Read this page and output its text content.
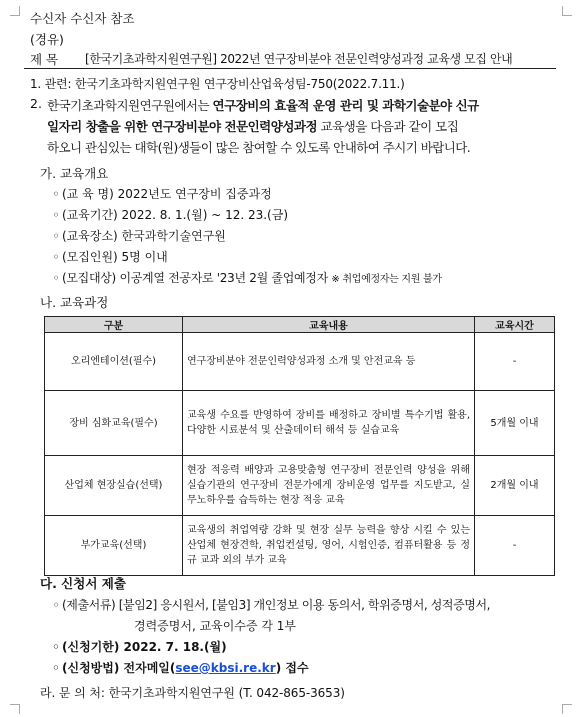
수신자 수신자 참조
(경유)
제 목 [한국기초과학지원연구원] 2022년 연구장비분야 전문인력양성과정 교육생 모집 안내
1. 관련: 한국기초과학지원연구원 연구장비산업육성팀-750(2022.7.11.)
2. 한국기초과학지원연구원에서는 연구장비의 효율적 운영 관리 및 과학기술분야 신규
일자리 창출을 위한 연구장비분야 전문인력양성과정 교육생을 다음과 같이 모집
하오니 관심있는 대학(원)생들이 많은 참여할 수 있도록 안내하여 주시기 바랍니다.
가. 교육개요
◦ (교 육 명) 2022년도 연구장비 집중과정
◦ (교육기간) 2022. 8. 1.(월) ~ 12. 23.(금)
◦ (교육장소) 한국과학기술연구원
◦ (모집인원) 5명 이내
◦ (모집대상) 이공계열 전공자로 '23년 2월 졸업예정자 ※ 취업예정자는 지원 불가
나. 교육과정
구분	교육내용	교육시간
오리엔테이션(필수)	연구장비분야 전문인력양성과정 소개 및 안전교육 등	-
장비 심화교육(필수)	교육생 수요를 반영하여 장비를 배정하고 장비별 특수기법 활용, 다양한 시료분석 및 산출데이터 해석 등 실습교육	5개월 이내
산업체 현장실습(선택)	현장 적응력 배양과 고용맞춤형 연구장비 전문인력 양성을 위해 실습기관의 연구장비 전문가에게 장비운영 업무를 지도받고, 실무노하우를 습득하는 현장 적응 교육	2개월 이내
부가교육(선택)	교육생의 취업역량 강화 및 현장 실무 능력을 향상 시킬 수 있는 산업체 현장견학, 취업컨설팅, 영어, 시험인증, 컴퓨터활용 등 정규 교과 외의 부가 교육	-
다. 신청서 제출
◦ (제출서류) [붙임2] 응시원서, [붙임3] 개인정보 이용 동의서, 학위증명서, 성적증명서,
경력증명서, 교육이수증 각 1부
◦ (신청기한) 2022. 7. 18.(월)
◦ (신청방법) 전자메일(see@kbsi.re.kr) 접수
라. 문 의 처: 한국기초과학지원연구원 (T. 042-865-3653)
